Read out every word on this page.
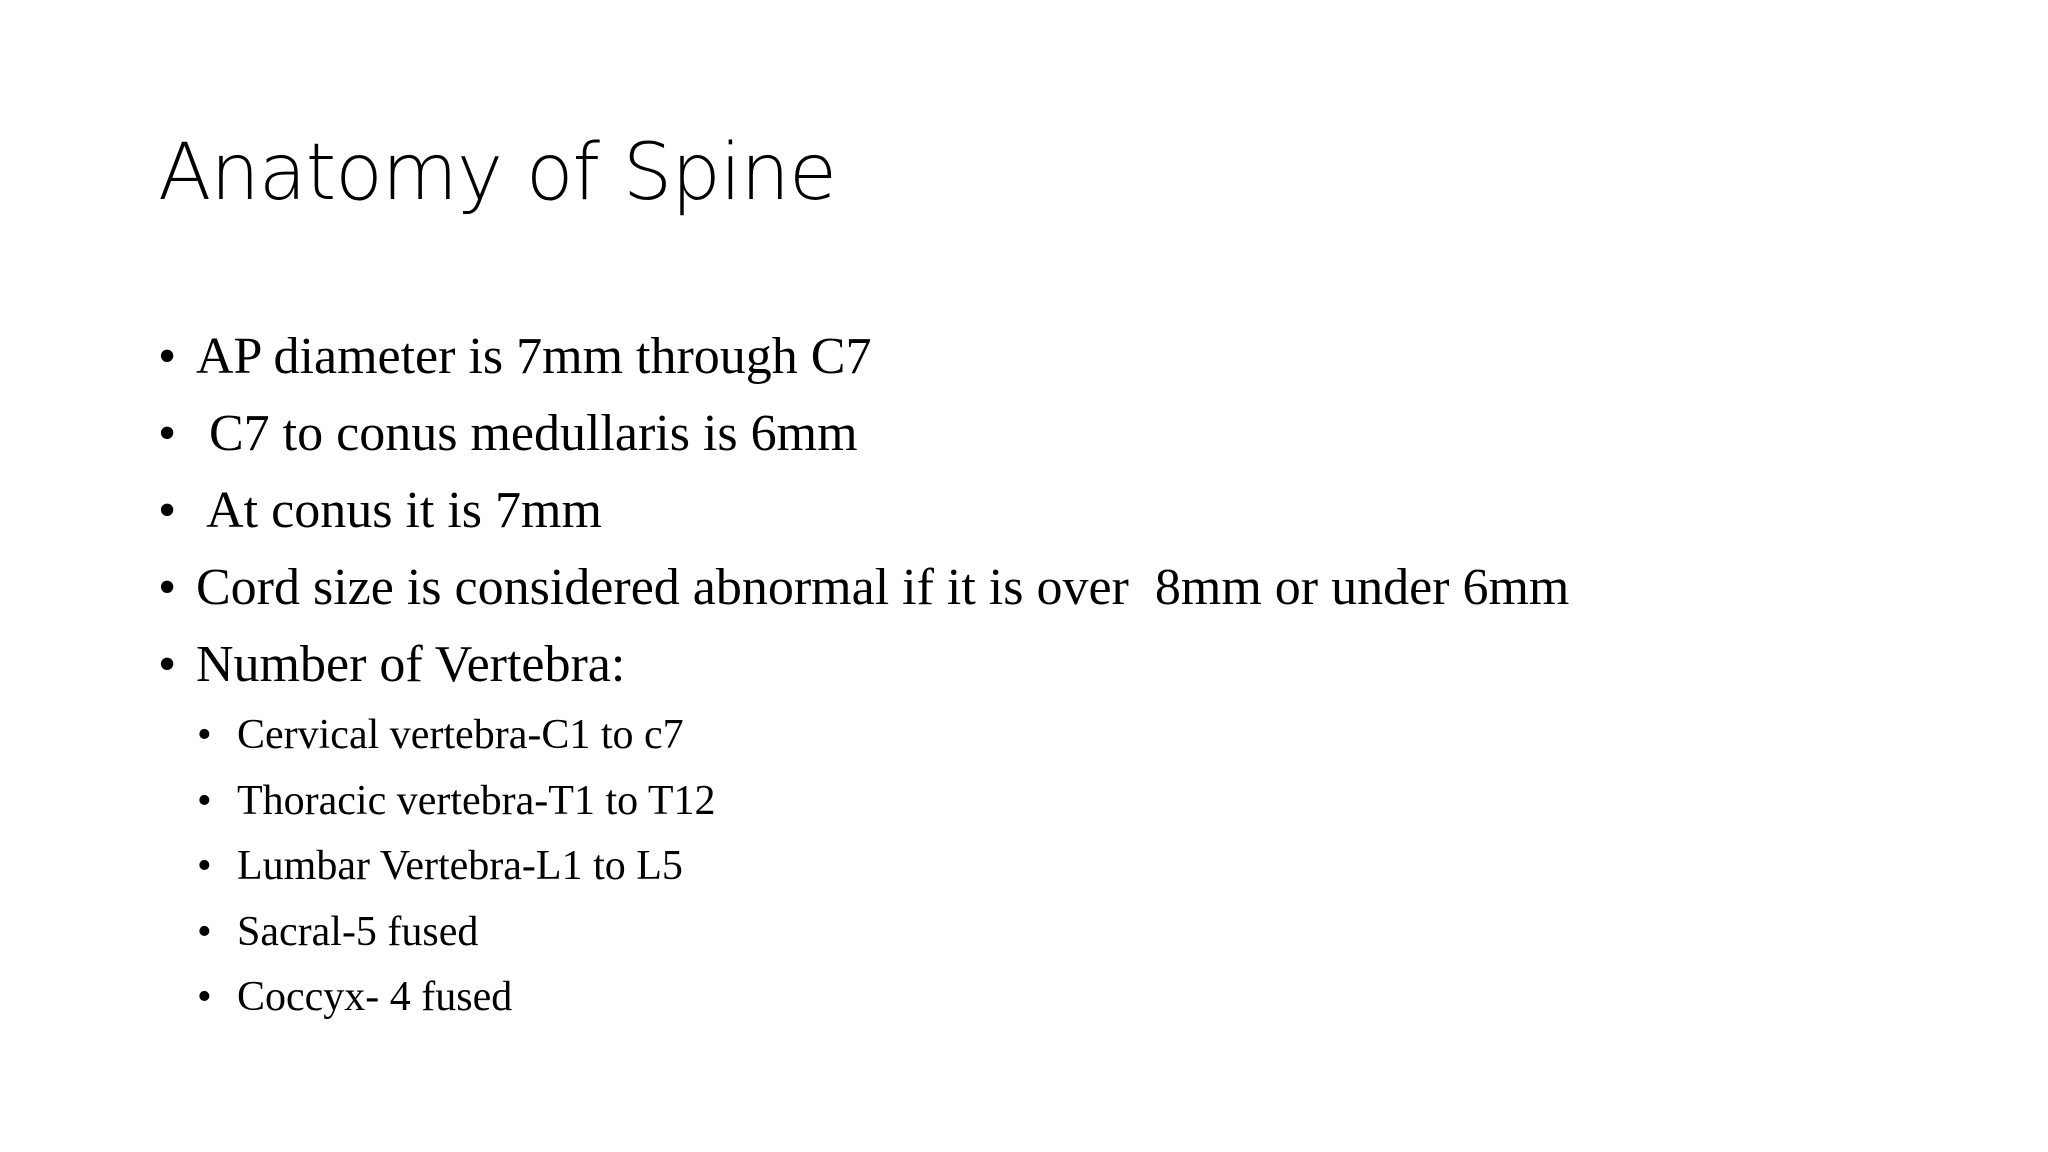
Anatomy of Spine
• AP diameter is 7mm through C7
• C7 to conus medullaris is 6mm
• At conus it is 7mm
• Cord size is considered abnormal if it is over  8mm or under 6mm
• Number of Vertebra:
• Cervical vertebra-C1 to c7
• Thoracic vertebra-T1 to T12
• Lumbar Vertebra-L1 to L5
• Sacral-5 fused
• Coccyx- 4 fused
